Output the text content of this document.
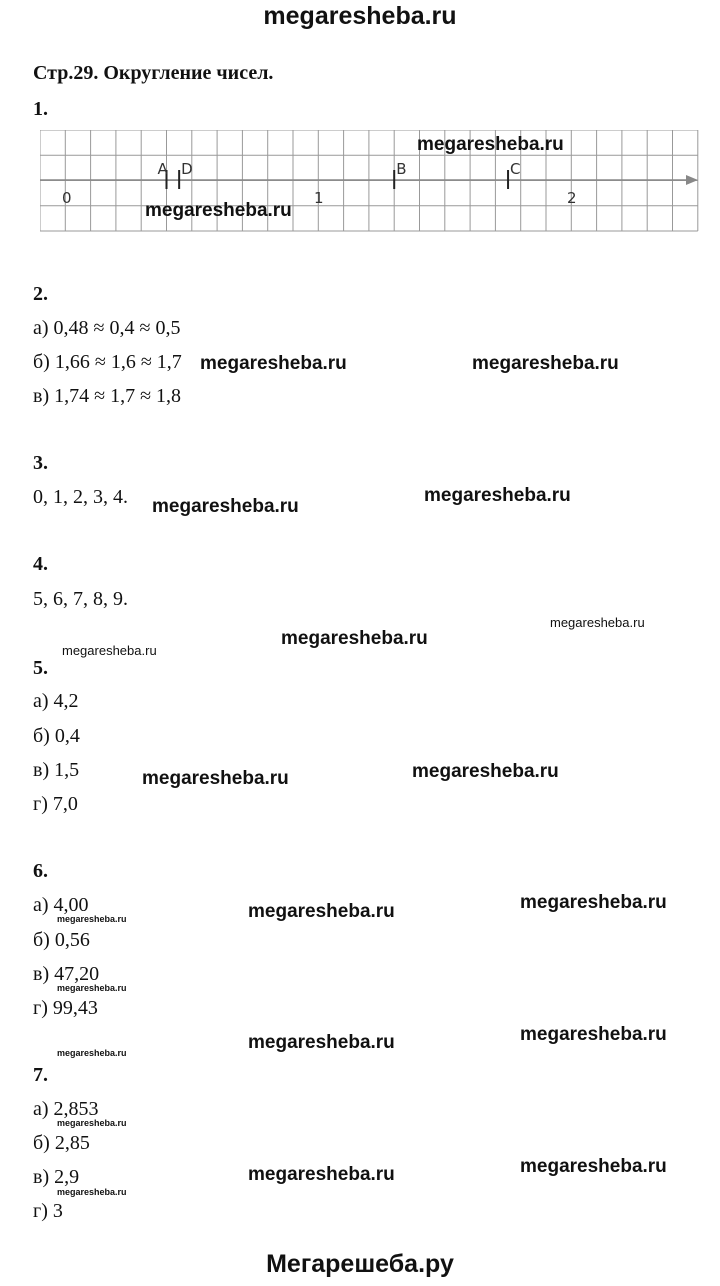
megaresheba.ru
Стр.29. Округление чисел.
1.
0	1	2
A D	B	C
megaresheba.ru
megaresheba.ru
2.
а) 0,48 ≈ 0,4 ≈ 0,5
б) 1,66 ≈ 1,6 ≈ 1,7
в) 1,74 ≈ 1,7 ≈ 1,8
megaresheba.ru	megaresheba.ru
3.
0, 1, 2, 3, 4. megaresheba.ru
megaresheba.ru
4.
5, 6, 7, 8, 9.
megaresheba.ru
megaresheba.ru
megaresheba.ru
5.
а) 4,2
б) 0,4
в) 1,5
г) 7,0
megaresheba.ru	megaresheba.ru
6.
а) 4,00
megaresheba.ru
б) 0,56
в) 47,20
megaresheba.ru
г) 99,43
megaresheba.ru	megaresheba.ru
megaresheba.ru	megaresheba.ru
megaresheba.ru
7.
а) 2,853
megaresheba.ru
б) 2,85
в) 2,9
megaresheba.ru
г) 3
megaresheba.ru	megaresheba.ru
Мегарешеба.ру
